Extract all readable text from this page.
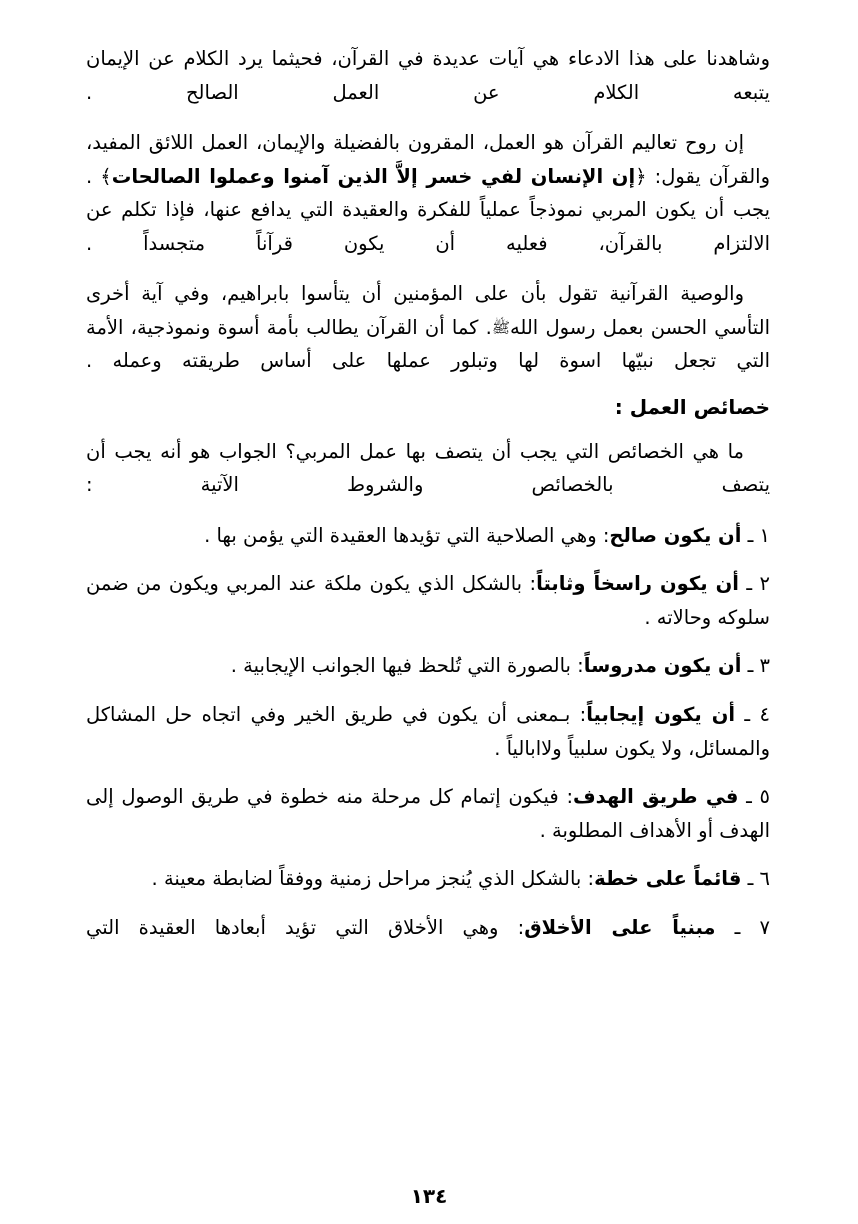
وشاهدنا على هذا الادعاء هي آيات عديدة في القرآن، فحيثما يرد الكلام عن الإيمان يتبعه الكلام عن العمل الصالح .

إن روح تعاليم القرآن هو العمل، المقرون بالفضيلة والإيمان، العمل اللائق المفيد، والقرآن يقول: ﴿إن الإنسان لفي خسر إلاَّ الذين آمنوا وعملوا الصالحات﴾ . يجب أن يكون المربي نموذجاً عملياً للفكرة والعقيدة التي يدافع عنها، فإذا تكلم عن الالتزام بالقرآن، فعليه أن يكون قرآناً متجسداً .

والوصية القرآنية تقول بأن على المؤمنين أن يتأسوا بابراهيم، وفي آية أخرى التأسي الحسن بعمل رسول اللهﷺ. كما أن القرآن يطالب بأمة أسوة ونموذجية، الأمة التي تجعل نبيّها اسوة لها وتبلور عملها على أساس طريقته وعمله .

خصائص العمل :

ما هي الخصائص التي يجب أن يتصف بها عمل المربي؟ الجواب هو أنه يجب أن يتصف بالخصائص والشروط الآتية :

١ ـ أن يكون صالح: وهي الصلاحية التي تؤيدها العقيدة التي يؤمن بها .

٢ ـ أن يكون راسخاً وثابتاً: بالشكل الذي يكون ملكة عند المربي ويكون من ضمن سلوكه وحالاته .

٣ ـ أن يكون مدروساً: بالصورة التي تُلحظ فيها الجوانب الإيجابية .

٤ ـ أن يكون إيجابياً: بـمعنى أن يكون في طريق الخير وفي اتجاه حل المشاكل والمسائل، ولا يكون سلبياً ولاابالياً .

٥ ـ في طريق الهدف: فيكون إتمام كل مرحلة منه خطوة في طريق الوصول إلى الهدف أو الأهداف المطلوبة .

٦ ـ قائماً على خطة: بالشكل الذي يُنجز مراحل زمنية ووفقاً لضابطة معينة .

٧ ـ مبنياً على الأخلاق: وهي الأخلاق التي تؤيد أبعادها العقيدة التي

١٣٤
